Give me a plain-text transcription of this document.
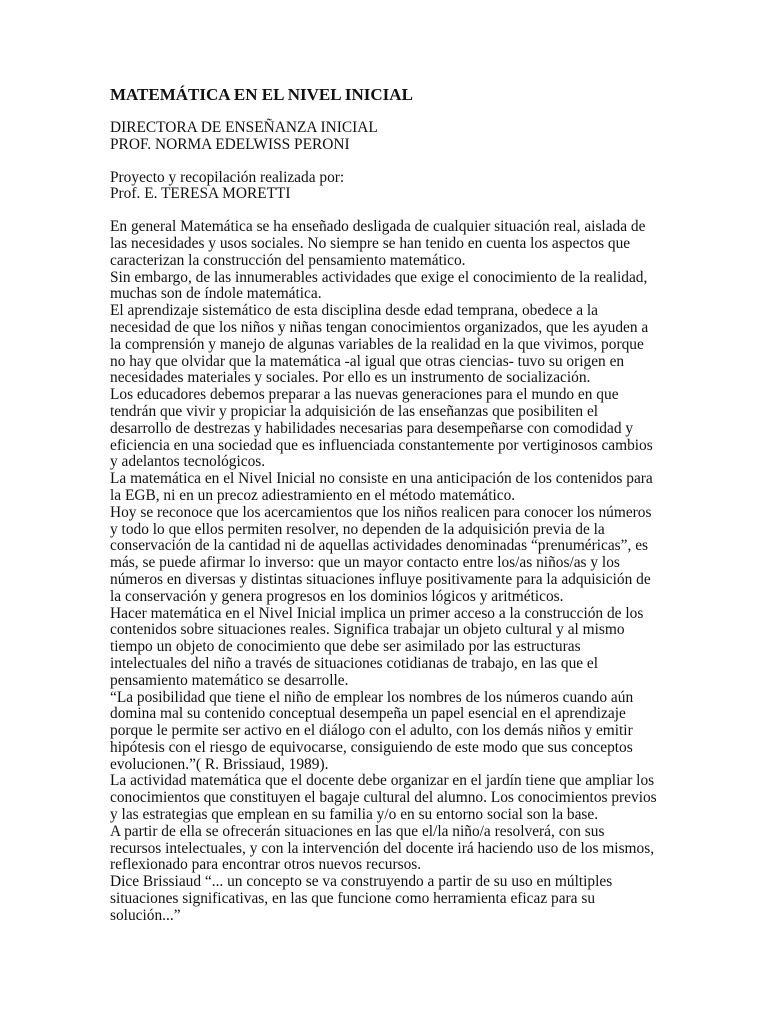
MATEMÁTICA EN EL NIVEL INICIAL

DIRECTORA DE ENSEÑANZA INICIAL

PROF. NORMA EDELWISS PERONI

Proyecto y recopilación realizada por:

Prof. E. TERESA MORETTI

En general Matemática se ha enseñado desligada de cualquier situación real, aislada de las necesidades y usos sociales. No siempre se han tenido en cuenta los aspectos que caracterizan la construcción del pensamiento matemático.

Sin embargo, de las innumerables actividades que exige el conocimiento de la realidad, muchas son de índole matemática.

El aprendizaje sistemático de esta disciplina desde edad temprana, obedece a la necesidad de que los niños y niñas tengan conocimientos organizados, que les ayuden a la comprensión y manejo de algunas variables de la realidad en la que vivimos, porque no hay que olvidar que la matemática -al igual que otras ciencias- tuvo su origen en necesidades materiales y sociales. Por ello es un instrumento de socialización.

Los educadores debemos preparar a las nuevas generaciones para el mundo en que tendrán que vivir y propiciar la adquisición de las enseñanzas que posibiliten el desarrollo de destrezas y habilidades necesarias para desempeñarse con comodidad y eficiencia en una sociedad que es influenciada constantemente por vertiginosos cambios y adelantos tecnológicos.

La matemática en el Nivel Inicial no consiste en una anticipación de los contenidos para la EGB, ni en un precoz adiestramiento en el método matemático.

Hoy se reconoce que los acercamientos que los niños realicen para conocer los números y todo lo que ellos permiten resolver, no dependen de la adquisición previa de la conservación de la cantidad ni de aquellas actividades denominadas “prenuméricas”, es más, se puede afirmar lo inverso: que un mayor contacto entre los/as niños/as y los números en diversas y distintas situaciones influye positivamente para la adquisición de la conservación y genera progresos en los dominios lógicos y aritméticos.

Hacer matemática en el Nivel Inicial implica un primer acceso a la construcción de los contenidos sobre situaciones reales. Significa trabajar un objeto cultural y al mismo tiempo un objeto de conocimiento que debe ser asimilado por las estructuras intelectuales del niño a través de situaciones cotidianas de trabajo, en las que el pensamiento matemático se desarrolle.

“La posibilidad que tiene el niño de emplear los nombres de los números cuando aún domina mal su contenido conceptual desempeña un papel esencial en el aprendizaje porque le permite ser activo en el diálogo con el adulto, con los demás niños y emitir hipótesis con el riesgo de equivocarse, consiguiendo de este modo que sus conceptos evolucionen.”( R. Brissiaud, 1989).

La actividad matemática que el docente debe organizar en el jardín tiene que ampliar los conocimientos que constituyen el bagaje cultural del alumno. Los conocimientos previos y las estrategias que emplean en su familia y/o en su entorno social son la base.

A partir de ella se ofrecerán situaciones en las que el/la niño/a resolverá, con sus recursos intelectuales, y con la intervención del docente irá haciendo uso de los mismos, reflexionado para encontrar otros nuevos recursos.

Dice Brissiaud “... un concepto se va construyendo a partir de su uso en múltiples situaciones significativas, en las que funcione como herramienta eficaz para su solución...”
